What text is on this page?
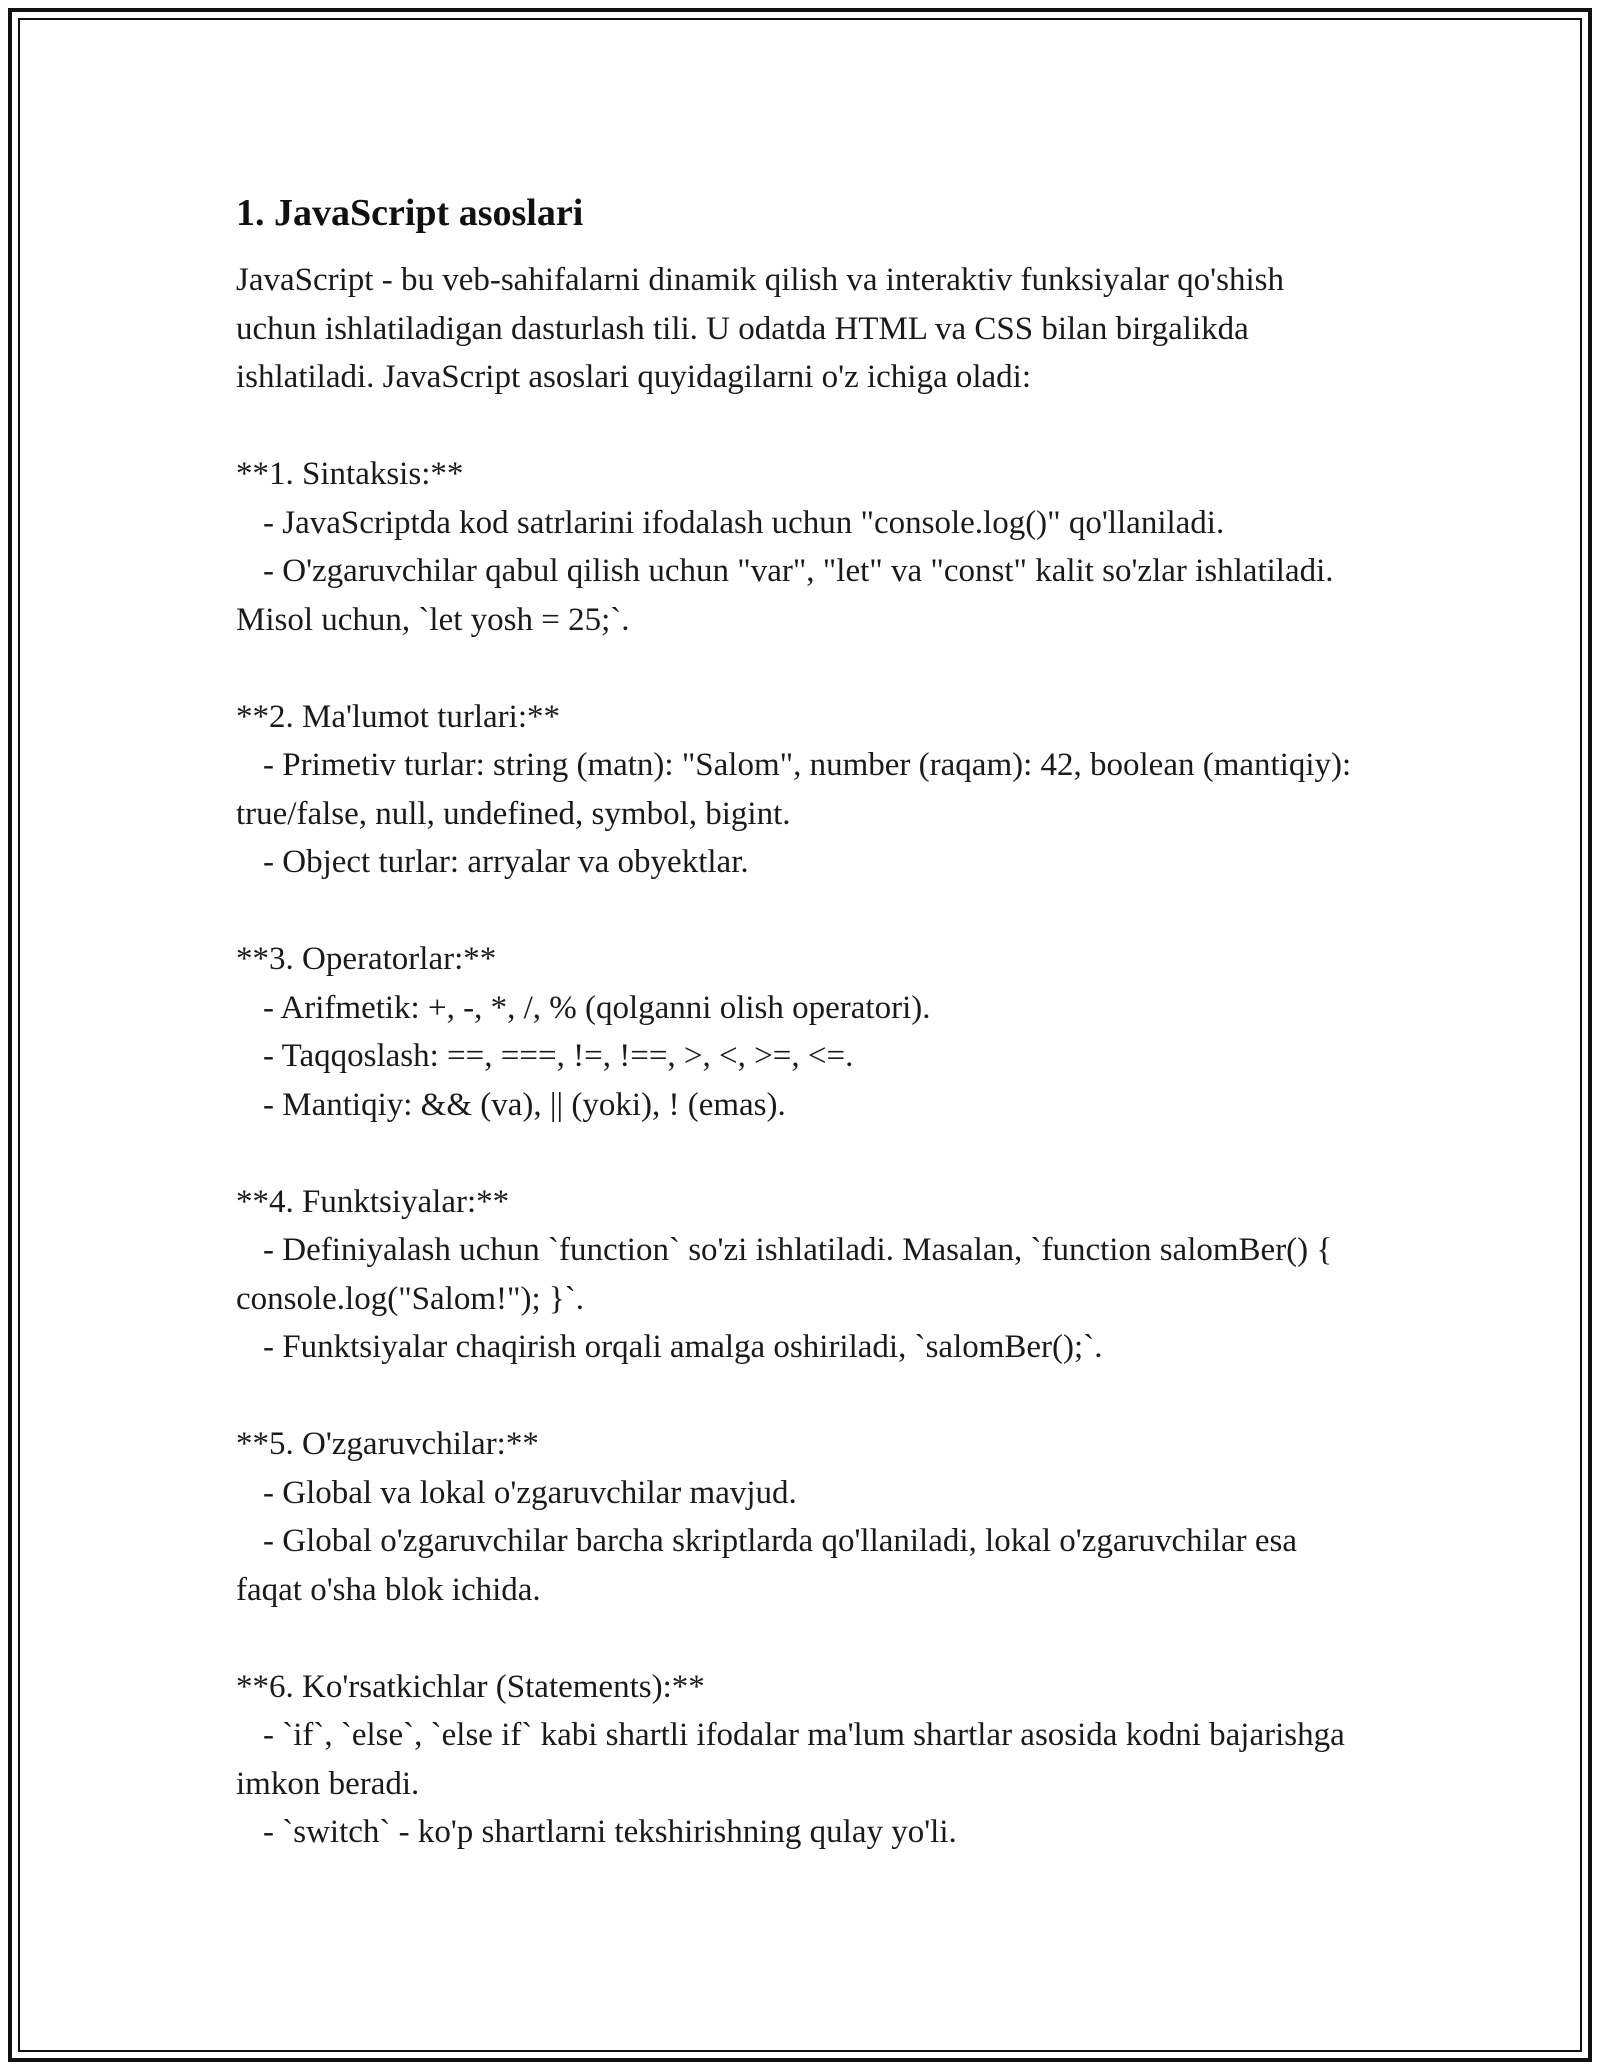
1. JavaScript asoslari

JavaScript - bu veb-sahifalarni dinamik qilish va interaktiv funksiyalar qo'shish uchun ishlatiladigan dasturlash tili. U odatda HTML va CSS bilan birgalikda ishlatiladi. JavaScript asoslari quyidagilarni o'z ichiga oladi:

**1. Sintaksis:**

- JavaScriptda kod satrlarini ifodalash uchun "console.log()" qo'llaniladi.

- O'zgaruvchilar qabul qilish uchun "var", "let" va "const" kalit so'zlar ishlatiladi. Misol uchun, `let yosh = 25;`.

**2. Ma'lumot turlari:**

- Primetiv turlar: string (matn): "Salom", number (raqam): 42, boolean (mantiqiy): true/false, null, undefined, symbol, bigint.

- Object turlar: arryalar va obyektlar.

**3. Operatorlar:**

- Arifmetik: +, -, *, /, % (qolganni olish operatori).

- Taqqoslash: ==, ===, !=, !==, >, <, >=, <=.

- Mantiqiy: && (va), || (yoki), ! (emas).

**4. Funktsiyalar:**

- Definiyalash uchun `function` so'zi ishlatiladi. Masalan, `function salomBer() { console.log("Salom!"); }`.

- Funktsiyalar chaqirish orqali amalga oshiriladi, `salomBer();`.

**5. O'zgaruvchilar:**

- Global va lokal o'zgaruvchilar mavjud.

- Global o'zgaruvchilar barcha skriptlarda qo'llaniladi, lokal o'zgaruvchilar esa faqat o'sha blok ichida.

**6. Ko'rsatkichlar (Statements):**

- `if`, `else`, `else if` kabi shartli ifodalar ma'lum shartlar asosida kodni bajarishga imkon beradi.

- `switch` - ko'p shartlarni tekshirishning qulay yo'li.
